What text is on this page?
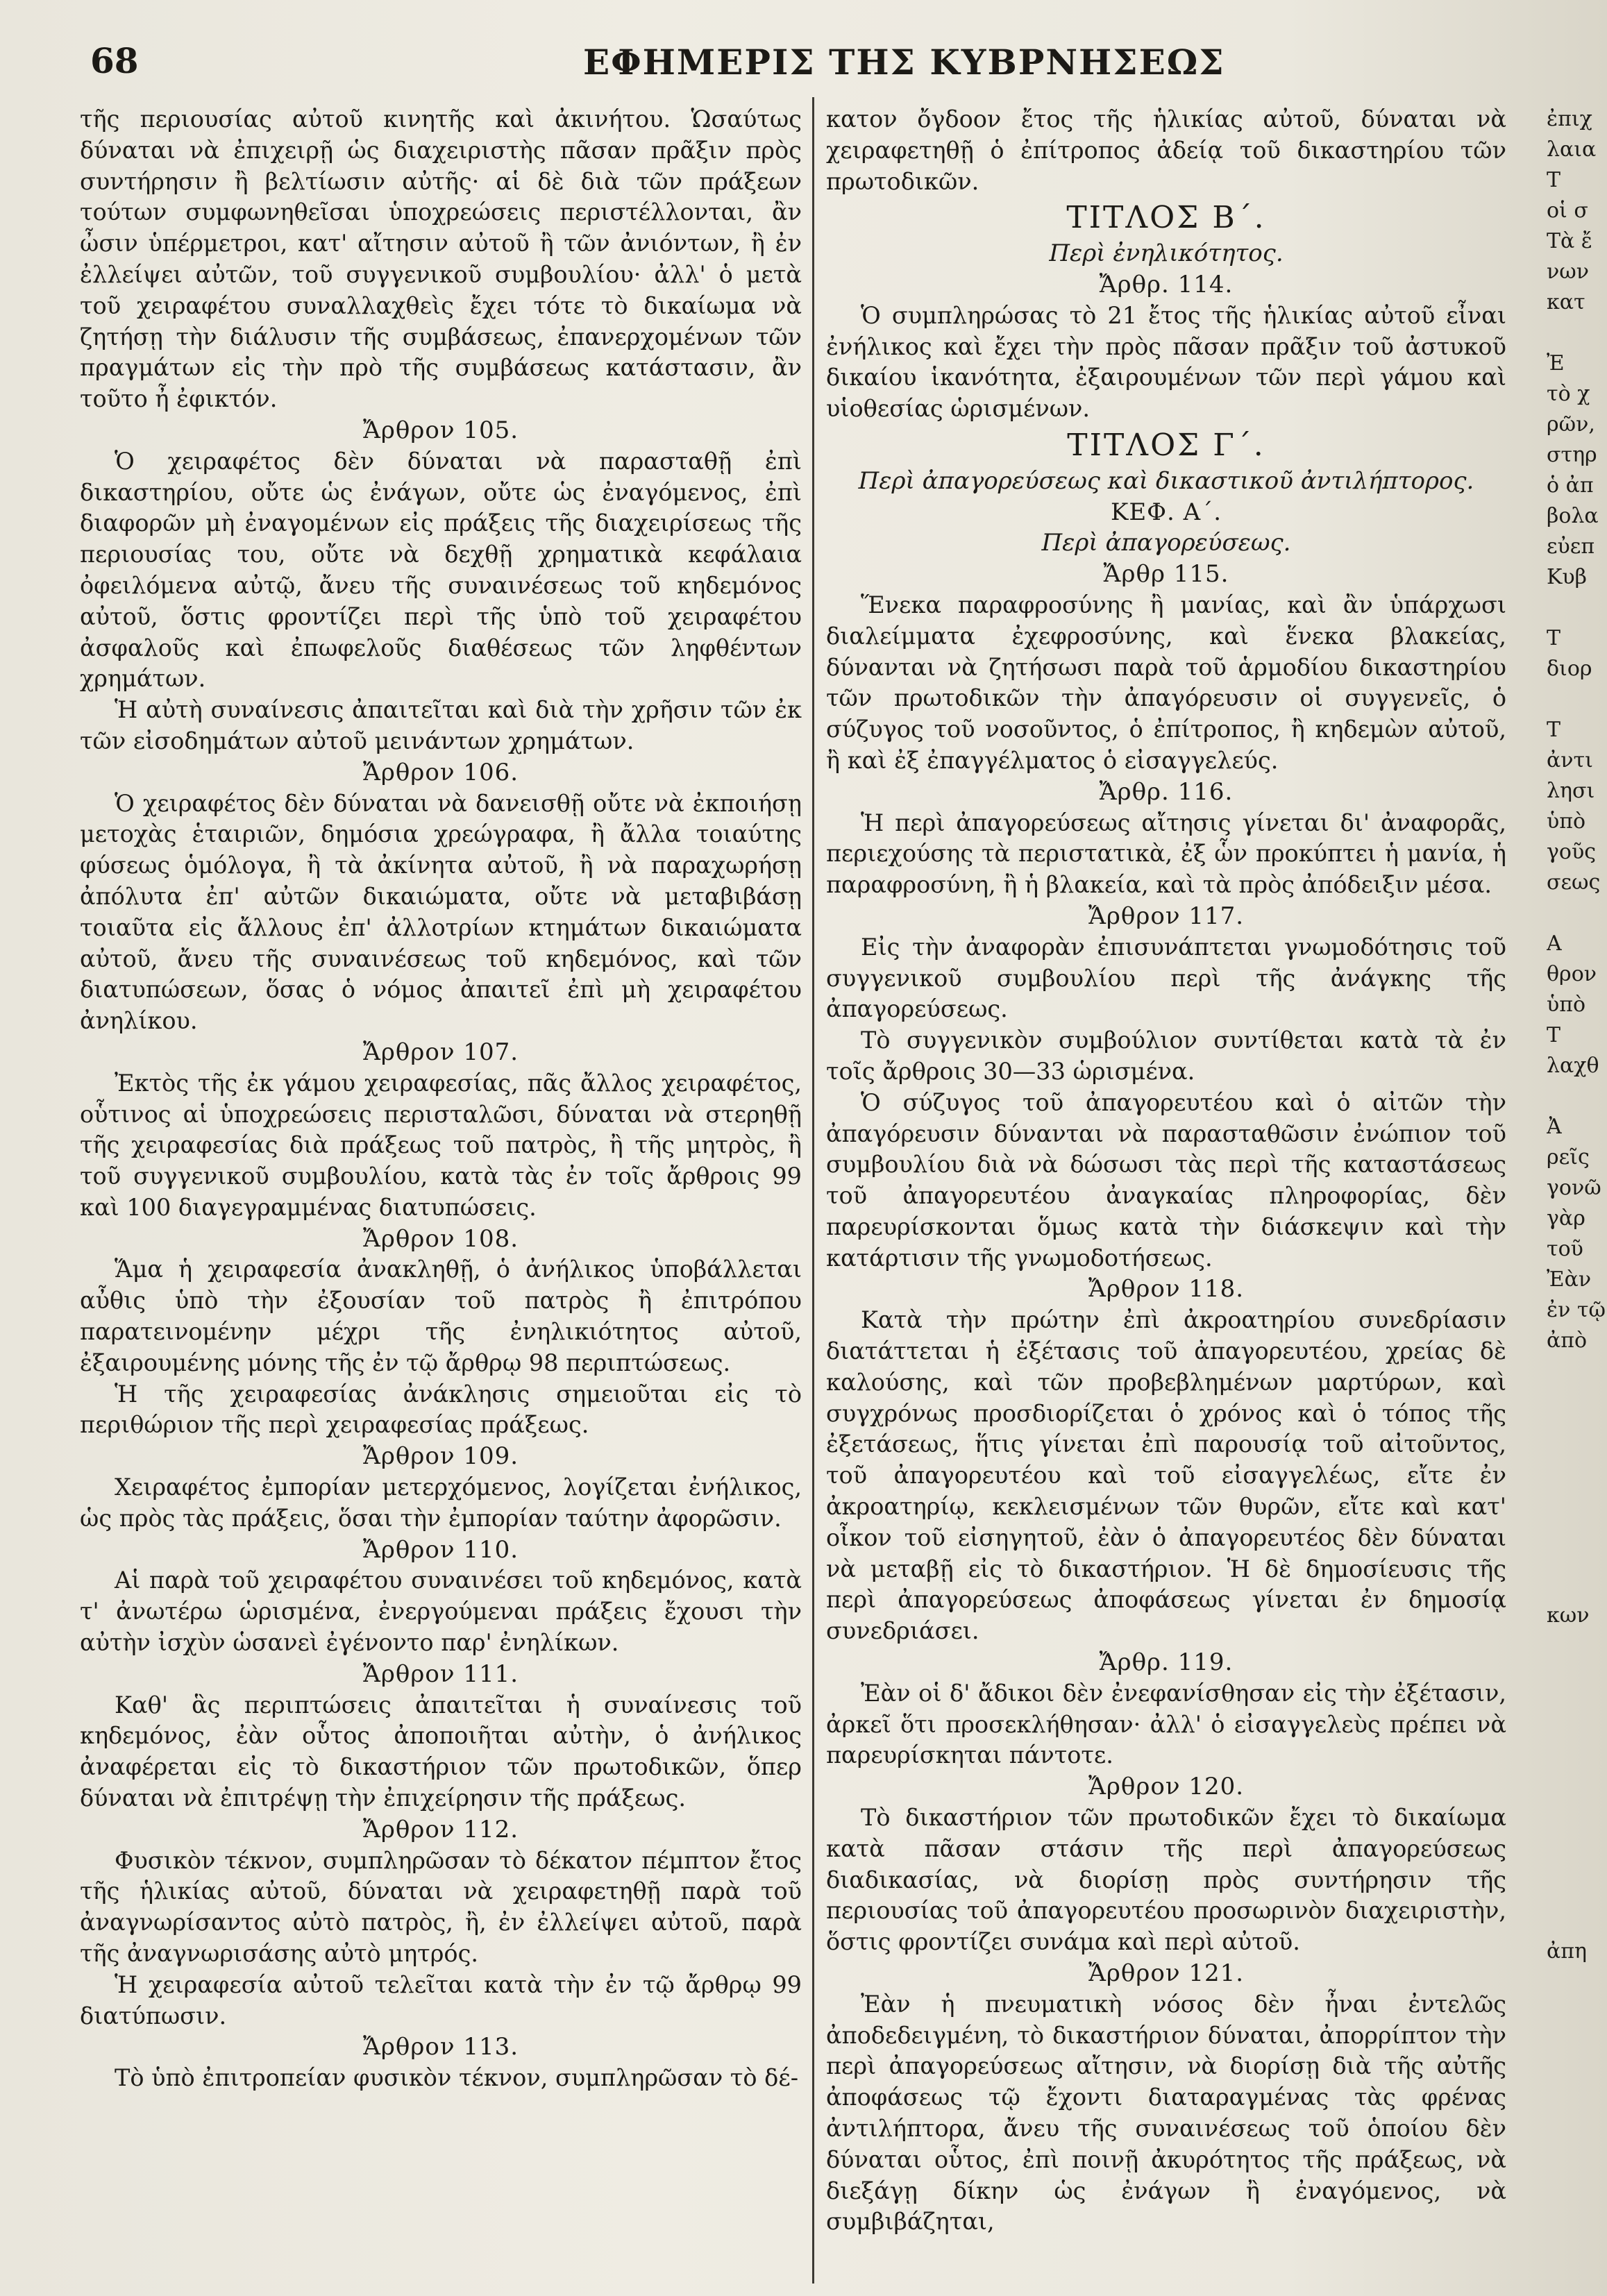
68	ΕΦΗΜΕΡΙΣ ΤΗΣ ΚΥΒΡΝΗΣΕΩΣ

τῆς περιουσίας αὐτοῦ κινητῆς καὶ ἀκινήτου. Ὡσαύτως δύναται νὰ ἐπιχειρῇ ὡς διαχειριστὴς πᾶσαν πρᾶξιν πρὸς συντήρησιν ἢ βελτίωσιν αὐτῆς· αἱ δὲ διὰ τῶν πράξεων τούτων συμφωνηθεῖσαι ὑποχρεώσεις περιστέλλονται, ἂν ὦσιν ὑπέρμετροι, κατ' αἴτησιν αὐτοῦ ἢ τῶν ἀνιόντων, ἢ ἐν ἐλλείψει αὐτῶν, τοῦ συγγενικοῦ συμβουλίου· ἀλλ' ὁ μετὰ τοῦ χειραφέτου συναλλαχθεὶς ἔχει τότε τὸ δικαίωμα νὰ ζητήσῃ τὴν διάλυσιν τῆς συμβάσεως, ἐπανερχομένων τῶν πραγμάτων εἰς τὴν πρὸ τῆς συμβάσεως κατάστασιν, ἂν τοῦτο ἦ ἐφικτόν.

Ἄρθρον 105.

Ὁ χειραφέτος δὲν δύναται νὰ παρασταθῇ ἐπὶ δικαστηρίου, οὔτε ὡς ἐνάγων, οὔτε ὡς ἐναγόμενος, ἐπὶ διαφορῶν μὴ ἐναγομένων εἰς πράξεις τῆς διαχειρίσεως τῆς περιουσίας του, οὔτε νὰ δεχθῇ χρηματικὰ κεφάλαια ὀφειλόμενα αὐτῷ, ἄνευ τῆς συναινέσεως τοῦ κηδεμόνος αὐτοῦ, ὅστις φροντίζει περὶ τῆς ὑπὸ τοῦ χειραφέτου ἀσφαλοῦς καὶ ἐπωφελοῦς διαθέσεως τῶν ληφθέντων χρημάτων.

Ἡ αὐτὴ συναίνεσις ἀπαιτεῖται καὶ διὰ τὴν χρῆσιν τῶν ἐκ τῶν εἰσοδημάτων αὐτοῦ μεινάντων χρημάτων.

Ἄρθρον 106.

Ὁ χειραφέτος δὲν δύναται νὰ δανεισθῇ οὔτε νὰ ἐκποιήσῃ μετοχὰς ἑταιριῶν, δημόσια χρεώγραφα, ἢ ἄλλα τοιαύτης φύσεως ὁμόλογα, ἢ τὰ ἀκίνητα αὐτοῦ, ἢ νὰ παραχωρήσῃ ἀπόλυτα ἐπ' αὐτῶν δικαιώματα, οὔτε νὰ μεταβιβάσῃ τοιαῦτα εἰς ἄλλους ἐπ' ἀλλοτρίων κτημάτων δικαιώματα αὐτοῦ, ἄνευ τῆς συναινέσεως τοῦ κηδεμόνος, καὶ τῶν διατυπώσεων, ὅσας ὁ νόμος ἀπαιτεῖ ἐπὶ μὴ χειραφέτου ἀνηλίκου.

Ἄρθρον 107.

Ἐκτὸς τῆς ἐκ γάμου χειραφεσίας, πᾶς ἄλλος χειραφέτος, οὗτινος αἱ ὑποχρεώσεις περισταλῶσι, δύναται νὰ στερηθῇ τῆς χειραφεσίας διὰ πράξεως τοῦ πατρὸς, ἢ τῆς μητρὸς, ἢ τοῦ συγγενικοῦ συμβουλίου, κατὰ τὰς ἐν τοῖς ἄρθροις 99 καὶ 100 διαγεγραμμένας διατυπώσεις.

Ἄρθρον 108.

Ἅμα ἡ χειραφεσία ἀνακληθῇ, ὁ ἀνήλικος ὑποβάλλεται αὖθις ὑπὸ τὴν ἐξουσίαν τοῦ πατρὸς ἢ ἐπιτρόπου παρατεινομένην μέχρι τῆς ἐνηλικιότητος αὐτοῦ, ἐξαιρουμένης μόνης τῆς ἐν τῷ ἄρθρῳ 98 περιπτώσεως.

Ἡ τῆς χειραφεσίας ἀνάκλησις σημειοῦται εἰς τὸ περιθώριον τῆς περὶ χειραφεσίας πράξεως.

Ἄρθρον 109.

Χειραφέτος ἐμπορίαν μετερχόμενος, λογίζεται ἐνήλικος, ὡς πρὸς τὰς πράξεις, ὅσαι τὴν ἐμπορίαν ταύτην ἀφορῶσιν.

Ἄρθρον 110.

Αἱ παρὰ τοῦ χειραφέτου συναινέσει τοῦ κηδεμόνος, κατὰ τ' ἀνωτέρω ὡρισμένα, ἐνεργούμεναι πράξεις ἔχουσι τὴν αὐτὴν ἰσχὺν ὡσανεὶ ἐγένοντο παρ' ἐνηλίκων.

Ἄρθρον 111.

Καθ' ἃς περιπτώσεις ἀπαιτεῖται ἡ συναίνεσις τοῦ κηδεμόνος, ἐὰν οὗτος ἀποποιῆται αὐτὴν, ὁ ἀνήλικος ἀναφέρεται εἰς τὸ δικαστήριον τῶν πρωτοδικῶν, ὅπερ δύναται νὰ ἐπιτρέψῃ τὴν ἐπιχείρησιν τῆς πράξεως.

Ἄρθρον 112.

Φυσικὸν τέκνον, συμπληρῶσαν τὸ δέκατον πέμπτον ἔτος τῆς ἡλικίας αὐτοῦ, δύναται νὰ χειραφετηθῇ παρὰ τοῦ ἀναγνωρίσαντος αὐτὸ πατρὸς, ἢ, ἐν ἐλλείψει αὐτοῦ, παρὰ τῆς ἀναγνωρισάσης αὐτὸ μητρός.

Ἡ χειραφεσία αὐτοῦ τελεῖται κατὰ τὴν ἐν τῷ ἄρθρῳ 99 διατύπωσιν.

Ἄρθρον 113.

Τὸ ὑπὸ ἐπιτροπείαν φυσικὸν τέκνον, συμπληρῶσαν τὸ δέ-

κατον ὄγδοον ἔτος τῆς ἡλικίας αὐτοῦ, δύναται νὰ χειραφετηθῇ ὁ ἐπίτροπος ἀδείᾳ τοῦ δικαστηρίου τῶν πρωτοδικῶν.

ΤΙΤΛΟΣ Β΄.

Περὶ ἐνηλικότητος.

Ἄρθρ. 114.

Ὁ συμπληρώσας τὸ 21 ἔτος τῆς ἡλικίας αὐτοῦ εἶναι ἐνήλικος καὶ ἔχει τὴν πρὸς πᾶσαν πρᾶξιν τοῦ ἀστυκοῦ δικαίου ἱκανότητα, ἐξαιρουμένων τῶν περὶ γάμου καὶ υἱοθεσίας ὡρισμένων.

ΤΙΤΛΟΣ Γ΄.

Περὶ ἀπαγορεύσεως καὶ δικαστικοῦ ἀντιλήπτορος.

ΚΕΦ. Α΄.

Περὶ ἀπαγορεύσεως.

Ἄρθρ 115.

Ἕνεκα παραφροσύνης ἢ μανίας, καὶ ἂν ὑπάρχωσι διαλείμματα ἐχεφροσύνης, καὶ ἕνεκα βλακείας, δύνανται νὰ ζητήσωσι παρὰ τοῦ ἁρμοδίου δικαστηρίου τῶν πρωτοδικῶν τὴν ἀπαγόρευσιν οἱ συγγενεῖς, ὁ σύζυγος τοῦ νοσοῦντος, ὁ ἐπίτροπος, ἢ κηδεμὼν αὐτοῦ, ἢ καὶ ἐξ ἐπαγγέλματος ὁ εἰσαγγελεύς.

Ἄρθρ. 116.

Ἡ περὶ ἀπαγορεύσεως αἴτησις γίνεται δι' ἀναφορᾶς, περιεχούσης τὰ περιστατικὰ, ἐξ ὧν προκύπτει ἡ μανία, ἡ παραφροσύνη, ἢ ἡ βλακεία, καὶ τὰ πρὸς ἀπόδειξιν μέσα.

Ἄρθρον 117.

Εἰς τὴν ἀναφορὰν ἐπισυνάπτεται γνωμοδότησις τοῦ συγγενικοῦ συμβουλίου περὶ τῆς ἀνάγκης τῆς ἀπαγορεύσεως.

Τὸ συγγενικὸν συμβούλιον συντίθεται κατὰ τὰ ἐν τοῖς ἄρθροις 30—33 ὡρισμένα.

Ὁ σύζυγος τοῦ ἀπαγορευτέου καὶ ὁ αἰτῶν τὴν ἀπαγόρευσιν δύνανται νὰ παρασταθῶσιν ἐνώπιον τοῦ συμβουλίου διὰ νὰ δώσωσι τὰς περὶ τῆς καταστάσεως τοῦ ἀπαγορευτέου ἀναγκαίας πληροφορίας, δὲν παρευρίσκονται ὅμως κατὰ τὴν διάσκεψιν καὶ τὴν κατάρτισιν τῆς γνωμοδοτήσεως.

Ἄρθρον 118.

Κατὰ τὴν πρώτην ἐπὶ ἀκροατηρίου συνεδρίασιν διατάττεται ἡ ἐξέτασις τοῦ ἀπαγορευτέου, χρείας δὲ καλούσης, καὶ τῶν προβεβλημένων μαρτύρων, καὶ συγχρόνως προσδιορίζεται ὁ χρόνος καὶ ὁ τόπος τῆς ἐξετάσεως, ἥτις γίνεται ἐπὶ παρουσίᾳ τοῦ αἰτοῦντος, τοῦ ἀπαγορευτέου καὶ τοῦ εἰσαγγελέως, εἴτε ἐν ἀκροατηρίῳ, κεκλεισμένων τῶν θυρῶν, εἴτε καὶ κατ' οἶκον τοῦ εἰσηγητοῦ, ἐὰν ὁ ἀπαγορευτέος δὲν δύναται νὰ μεταβῇ εἰς τὸ δικαστήριον. Ἡ δὲ δημοσίευσις τῆς περὶ ἀπαγορεύσεως ἀποφάσεως γίνεται ἐν δημοσίᾳ συνεδριάσει.

Ἄρθρ. 119.

Ἐὰν οἱ δ' ἄδικοι δὲν ἐνεφανίσθησαν εἰς τὴν ἐξέτασιν, ἀρκεῖ ὅτι προσεκλήθησαν· ἀλλ' ὁ εἰσαγγελεὺς πρέπει νὰ παρευρίσκηται πάντοτε.

Ἄρθρον 120.

Τὸ δικαστήριον τῶν πρωτοδικῶν ἔχει τὸ δικαίωμα κατὰ πᾶσαν στάσιν τῆς περὶ ἀπαγορεύσεως διαδικασίας, νὰ διορίσῃ πρὸς συντήρησιν τῆς περιουσίας τοῦ ἀπαγορευτέου προσωρινὸν διαχειριστὴν, ὅστις φροντίζει συνάμα καὶ περὶ αὐτοῦ.

Ἄρθρον 121.

Ἐὰν ἡ πνευματικὴ νόσος δὲν ἦναι ἐντελῶς ἀποδεδειγμένη, τὸ δικαστήριον δύναται, ἀπορρίπτον τὴν περὶ ἀπαγορεύσεως αἴτησιν, νὰ διορίσῃ διὰ τῆς αὐτῆς ἀποφάσεως τῷ ἔχοντι διαταραγμένας τὰς φρένας ἀντιλήπτορα, ἄνευ τῆς συναινέσεως τοῦ ὁποίου δὲν δύναται οὗτος, ἐπὶ ποινῇ ἀκυρότητος τῆς πράξεως, νὰ διεξάγῃ δίκην ὡς ἐνάγων ἢ ἐναγόμενος, νὰ συμβιβάζηται,

ἐπιχ

λαια

Τ

οἱ σ

Τὰ ἔ

νων

κατ

Ἐ

τὸ χ

ρῶν,

στηρ

ὁ ἀπ

βολα

εὐεπ

Κυβ

Τ

διορ

Τ

ἀντι

λησι

ὑπὸ

γοῦς

σεως

Α

θρον

ὑπὸ

Τ

λαχθ

Ἀ

ρεῖς

γονῶ

γὰρ

τοῦ

Ἐὰν

ἐν τῷ

ἀπὸ

κων

ἀπη
